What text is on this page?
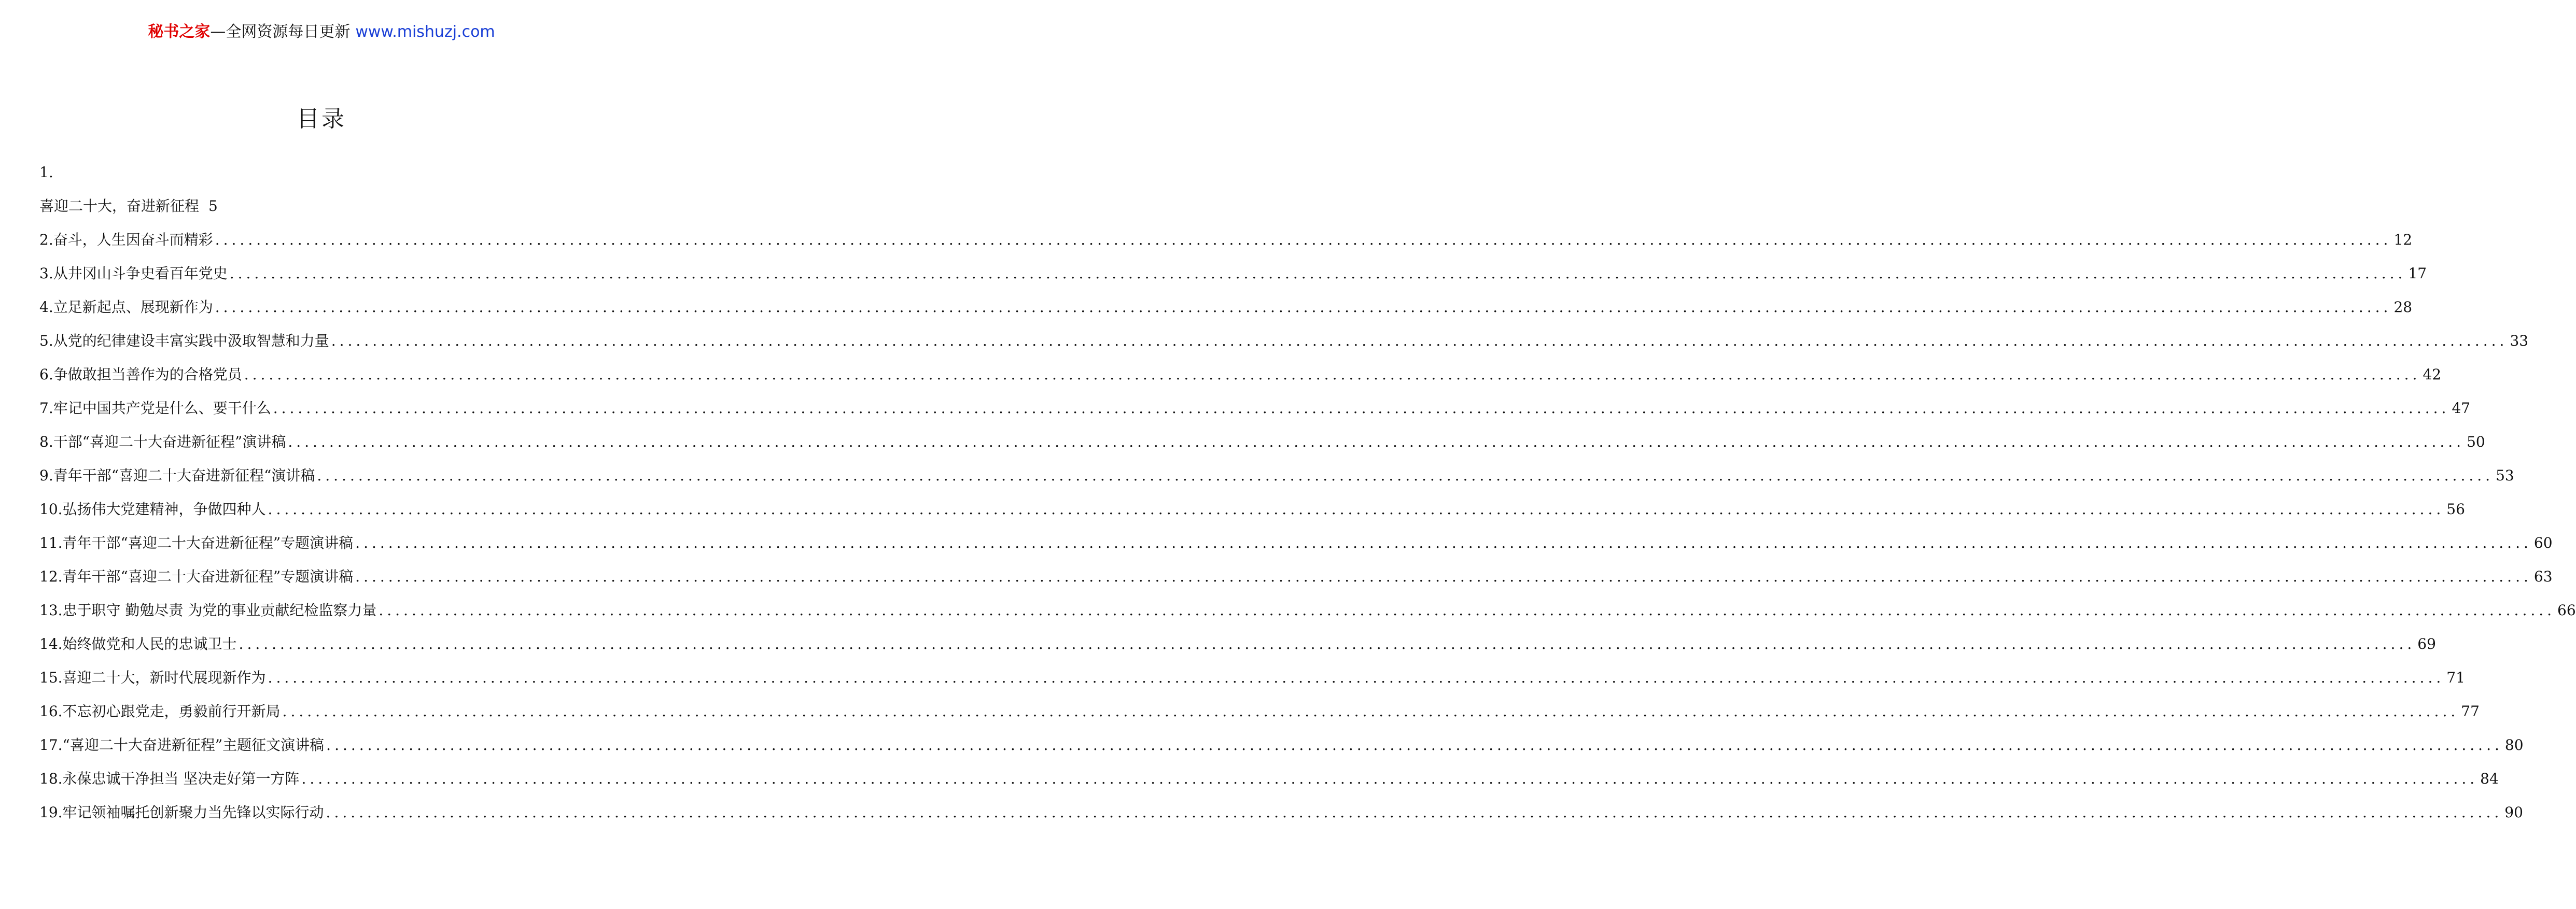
秘书之家—全网资源每日更新 www.mishuzj.com
目录
1.
喜迎二十大，奋进新征程 5
2. 奋斗，人生因奋斗而精彩 .....	12
3. 从井冈山斗争史看百年党史 .....	17
4. 立足新起点、展现新作为 .....	28
5. 从党的纪律建设丰富实践中汲取智慧和力量 .....	33
6. 争做敢担当善作为的合格党员 .....	42
7. 牢记中国共产党是什么、要干什么 .....	47
8. 干部“喜迎二十大奋进新征程”演讲稿 .....	50
9. 青年干部“喜迎二十大奋进新征程“演讲稿 .....	53
10. 弘扬伟大党建精神，争做四种人 .....	56
11. 青年干部“喜迎二十大奋进新征程”专题演讲稿 .....	60
12. 青年干部“喜迎二十大奋进新征程”专题演讲稿 .....	63
13. 忠于职守 勤勉尽责 为党的事业贡献纪检监察力量 .....	66
14. 始终做党和人民的忠诚卫士 .....	69
15. 喜迎二十大，新时代展现新作为 .....	71
16. 不忘初心跟党走，勇毅前行开新局 .....	77
17. “喜迎二十大奋进新征程”主题征文演讲稿 .....	80
18. 永葆忠诚干净担当 坚决走好第一方阵 .....	84
19. 牢记领袖嘱托创新聚力当先锋以实际行动 .....	90
